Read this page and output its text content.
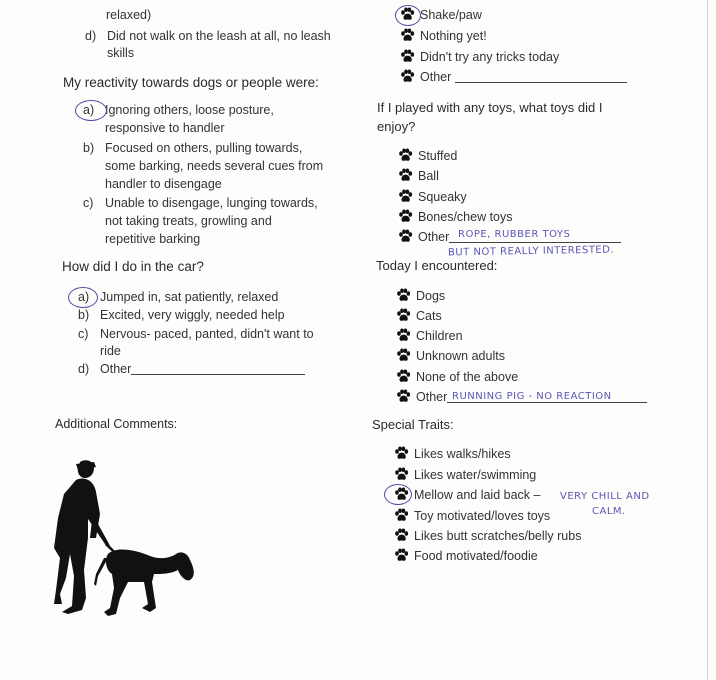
relaxed)
d) Did not walk on the leash at all, no leash
skills
My reactivity towards dogs or people were:
a) Ignoring others, loose posture,
responsive to handler
b) Focused on others, pulling towards,
some barking, needs several cues from
handler to disengage
c) Unable to disengage, lunging towards,
not taking treats, growling and
repetitive barking
How did I do in the car?
a) Jumped in, sat patiently, relaxed
b) Excited, very wiggly, needed help
c) Nervous- paced, panted, didn't want to
ride
d) Other
Additional Comments:
Shake/paw
Nothing yet!
Didn't try any tricks today
Other
If I played with any toys, what toys did I
enjoy?
Stuffed
Ball
Squeaky
Bones/chew toys
Other ROPE, RUBBER TOYS
BUT NOT REALLY INTERESTED.
Today I encountered:
Dogs
Cats
Children
Unknown adults
None of the above
Other RUNNING PIG - NO REACTION
Special Traits:
Likes walks/hikes
Likes water/swimming
Mellow and laid back – VERY CHILL AND
CALM.
Toy motivated/loves toys
Likes butt scratches/belly rubs
Food motivated/foodie
